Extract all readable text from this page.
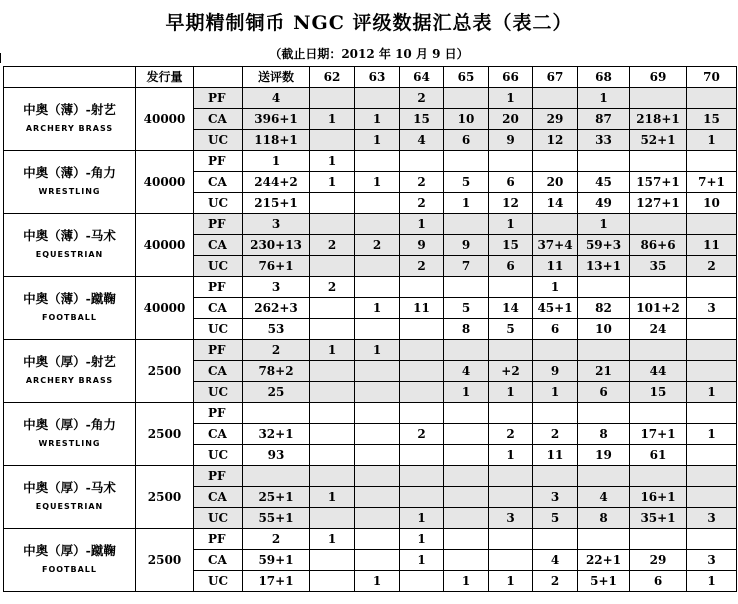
早期精制铜币 NGC 评级数据汇总表（表二）
（截止日期：2012 年 10 月 9 日）
	发行量		送评数	62	63	64	65	66	67	68	69	70

中奥（薄）-射艺
ARCHERY BRASS	40000	PF	4			2		1		1		
		CA	396+1	1	1	15	10	20	29	87	218+1	15
		UC	118+1		1	4	6	9	12	33	52+1	1

中奥（薄）-角力
WRESTLING	40000	PF	1	1								
		CA	244+2	1	1	2	5	6	20	45	157+1	7+1
		UC	215+1			2	1	12	14	49	127+1	10

中奥（薄）-马术
EQUESTRIAN	40000	PF	3			1		1		1		
		CA	230+13	2	2	9	9	15	37+4	59+3	86+6	11
		UC	76+1			2	7	6	11	13+1	35	2

中奥（薄）-蹴鞠
FOOTBALL	40000	PF	3	2					1			
		CA	262+3		1	11	5	14	45+1	82	101+2	3
		UC	53				8	5	6	10	24	

中奥（厚）-射艺
ARCHERY BRASS	2500	PF	2	1	1							
		CA	78+2				4	+2	9	21	44	
		UC	25				1	1	1	6	15	1

中奥（厚）-角力
WRESTLING	2500	PF										
		CA	32+1			2		2	2	8	17+1	1
		UC	93					1	11	19	61	

中奥（厚）-马术
EQUESTRIAN	2500	PF										
		CA	25+1	1					3	4	16+1	
		UC	55+1			1		3	5	8	35+1	3

中奥（厚）-蹴鞠
FOOTBALL	2500	PF	2	1		1						
		CA	59+1			1			4	22+1	29	3
		UC	17+1		1		1	1	2	5+1	6	1
